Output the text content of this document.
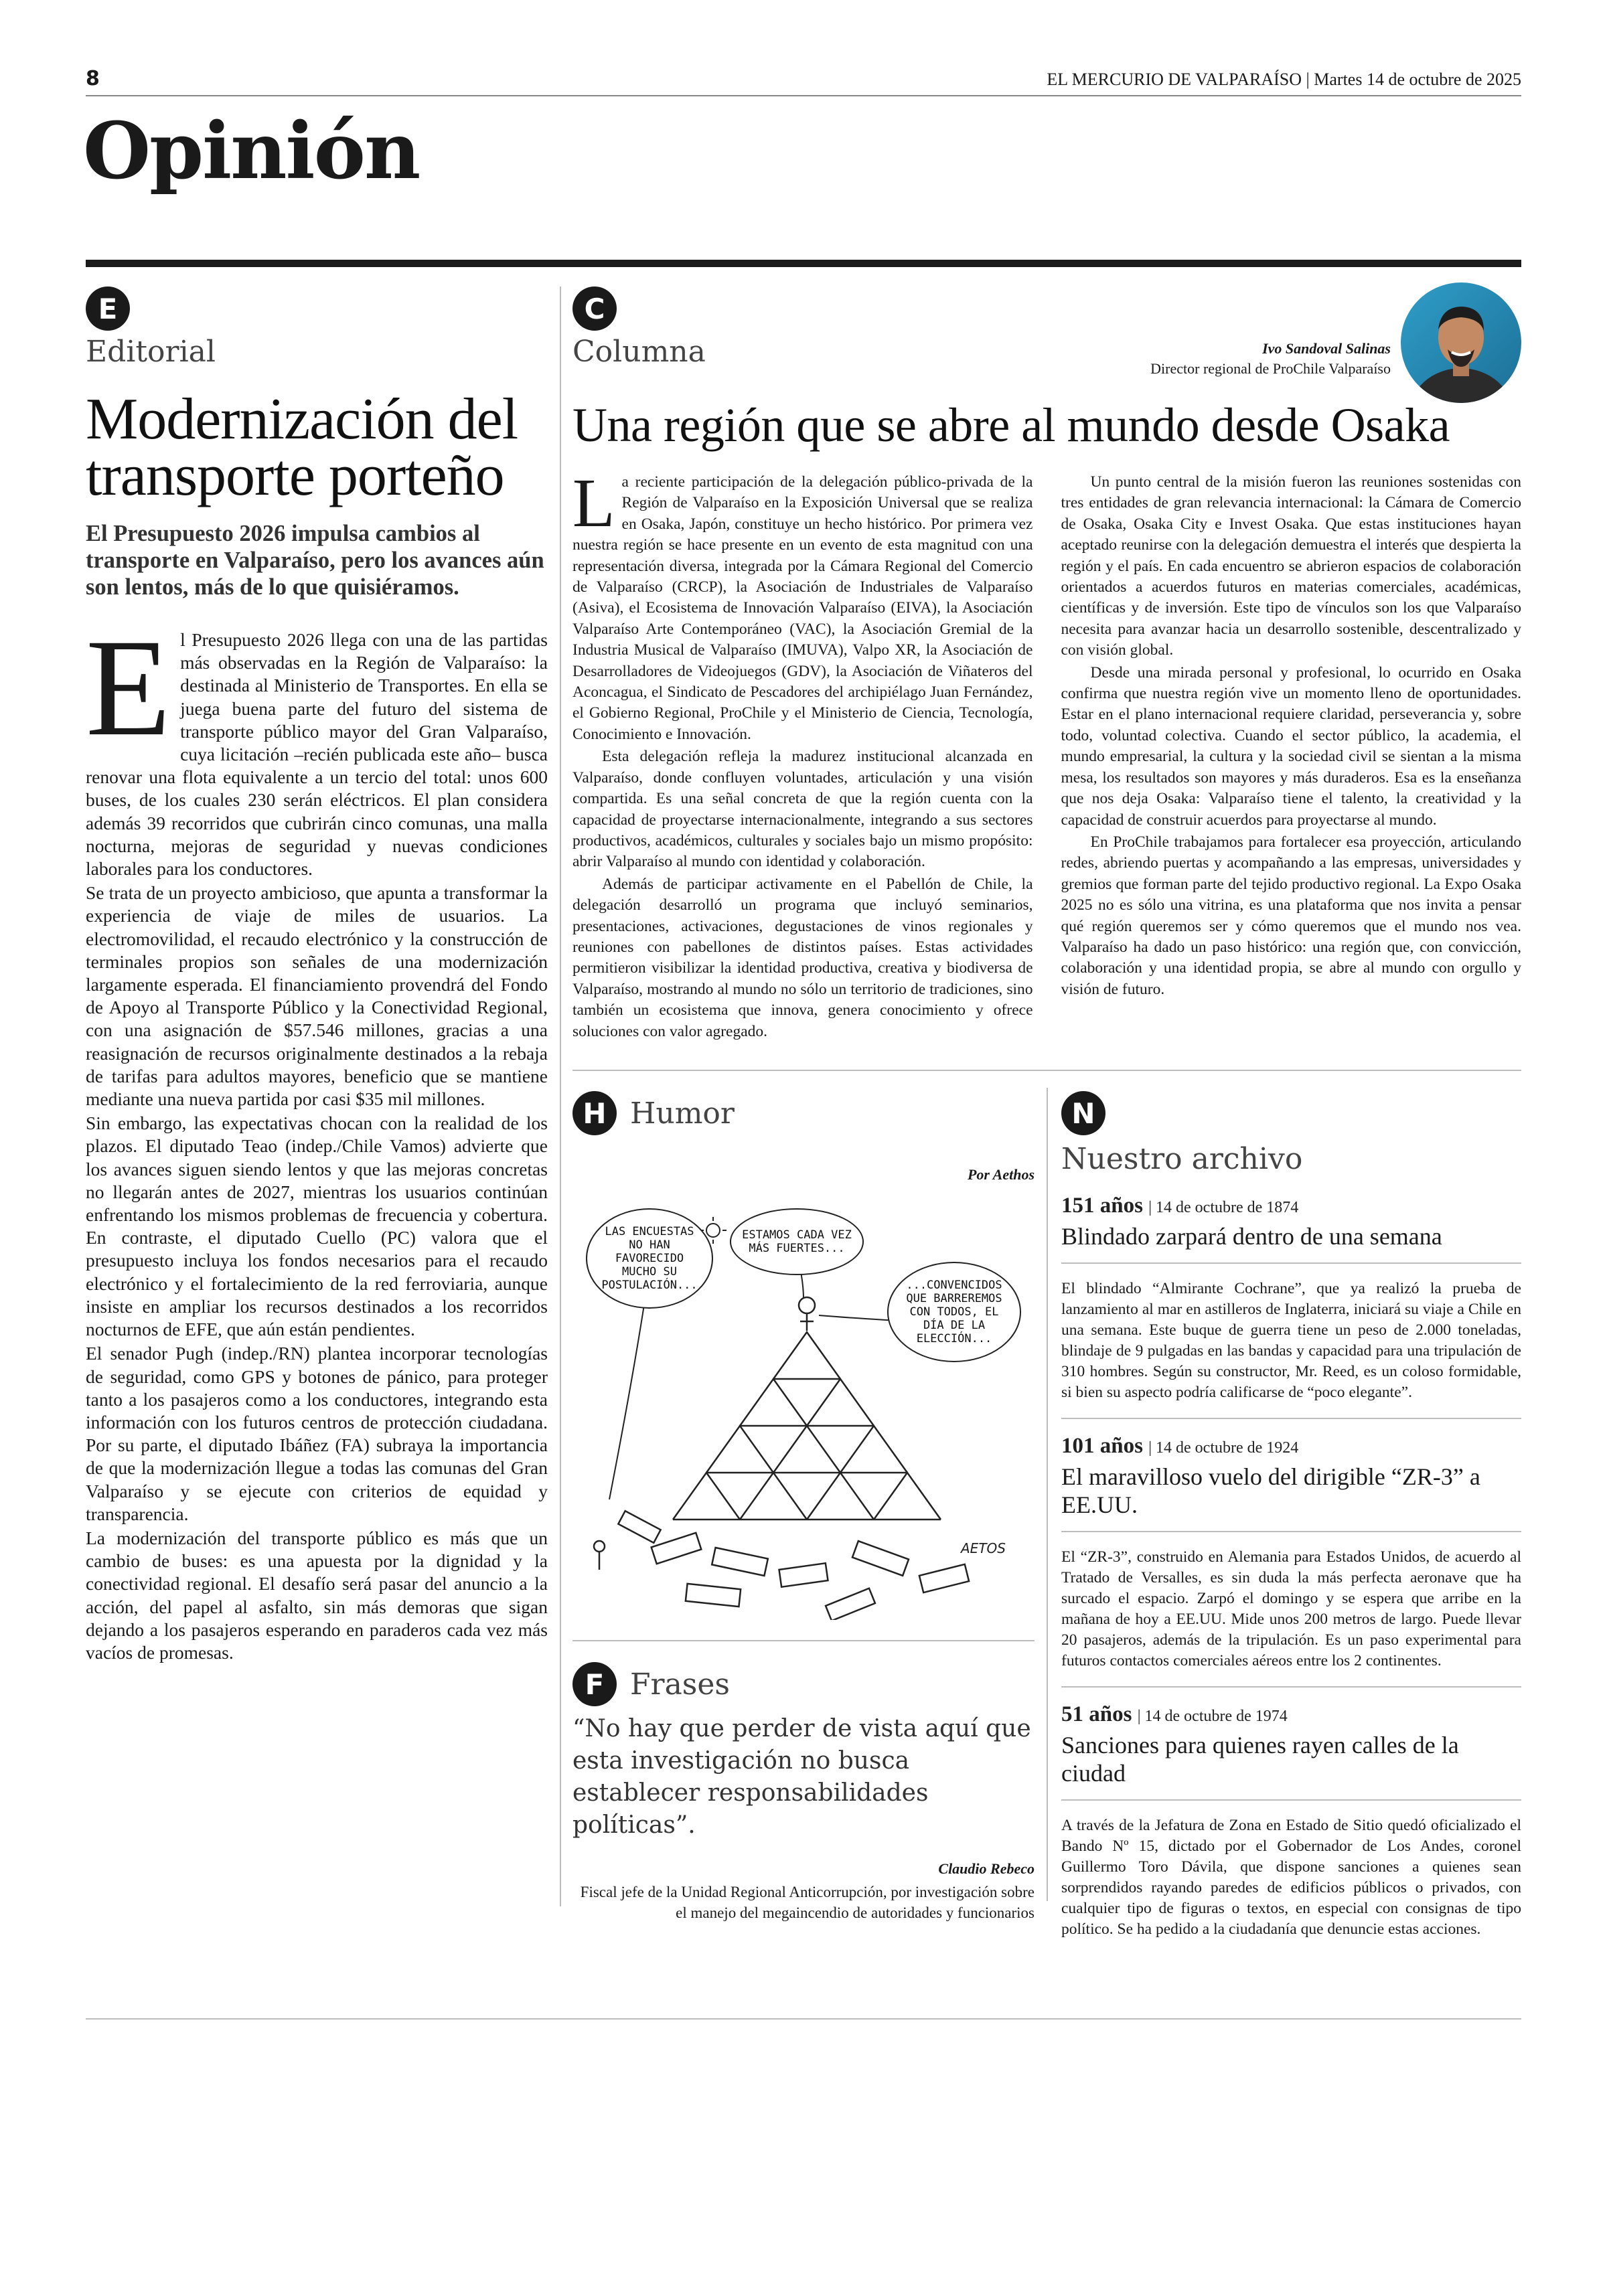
8	EL MERCURIO DE VALPARAÍSO | Martes 14 de octubre de 2025
Opinión
E
Editorial
Modernización del transporte porteño
El Presupuesto 2026 impulsa cambios al transporte en Valparaíso, pero los avances aún son lentos, más de lo que quisiéramos.

El Presupuesto 2026 llega con una de las partidas más observadas en la Región de Valparaíso: la destinada al Ministerio de Transportes. En ella se juega buena parte del futuro del sistema de transporte público mayor del Gran Valparaíso, cuya licitación –recién publicada este año– busca renovar una flota equivalente a un tercio del total: unos 600 buses, de los cuales 230 serán eléctricos. El plan considera además 39 recorridos que cubrirán cinco comunas, una malla nocturna, mejoras de seguridad y nuevas condiciones laborales para los conductores.

Se trata de un proyecto ambicioso, que apunta a transformar la experiencia de viaje de miles de usuarios. La electromovilidad, el recaudo electrónico y la construcción de terminales propios son señales de una modernización largamente esperada. El financiamiento provendrá del Fondo de Apoyo al Transporte Público y la Conectividad Regional, con una asignación de $57.546 millones, gracias a una reasignación de recursos originalmente destinados a la rebaja de tarifas para adultos mayores, beneficio que se mantiene mediante una nueva partida por casi $35 mil millones.

Sin embargo, las expectativas chocan con la realidad de los plazos. El diputado Teao (indep./Chile Vamos) advierte que los avances siguen siendo lentos y que las mejoras concretas no llegarán antes de 2027, mientras los usuarios continúan enfrentando los mismos problemas de frecuencia y cobertura. En contraste, el diputado Cuello (PC) valora que el presupuesto incluya los fondos necesarios para el recaudo electrónico y el fortalecimiento de la red ferroviaria, aunque insiste en ampliar los recursos destinados a los recorridos nocturnos de EFE, que aún están pendientes.

El senador Pugh (indep./RN) plantea incorporar tecnologías de seguridad, como GPS y botones de pánico, para proteger tanto a los pasajeros como a los conductores, integrando esta información con los futuros centros de protección ciudadana. Por su parte, el diputado Ibáñez (FA) subraya la importancia de que la modernización llegue a todas las comunas del Gran Valparaíso y se ejecute con criterios de equidad y transparencia.

La modernización del transporte público es más que un cambio de buses: es una apuesta por la dignidad y la conectividad regional. El desafío será pasar del anuncio a la acción, del papel al asfalto, sin más demoras que sigan dejando a los pasajeros esperando en paraderos cada vez más vacíos de promesas.

C
Columna	Ivo Sandoval Salinas
Director regional de ProChile Valparaíso
Una región que se abre al mundo desde Osaka

La reciente participación de la delegación público-privada de la Región de Valparaíso en la Exposición Universal que se realiza en Osaka, Japón, constituye un hecho histórico. Por primera vez nuestra región se hace presente en un evento de esta magnitud con una representación diversa, integrada por la Cámara Regional del Comercio de Valparaíso (CRCP), la Asociación de Industriales de Valparaíso (Asiva), el Ecosistema de Innovación Valparaíso (EIVA), la Asociación Valparaíso Arte Contemporáneo (VAC), la Asociación Gremial de la Industria Musical de Valparaíso (IMUVA), Valpo XR, la Asociación de Desarrolladores de Videojuegos (GDV), la Asociación de Viñateros del Aconcagua, el Sindicato de Pescadores del archipiélago Juan Fernández, el Gobierno Regional, ProChile y el Ministerio de Ciencia, Tecnología, Conocimiento e Innovación.

Esta delegación refleja la madurez institucional alcanzada en Valparaíso, donde confluyen voluntades, articulación y una visión compartida. Es una señal concreta de que la región cuenta con la capacidad de proyectarse internacionalmente, integrando a sus sectores productivos, académicos, culturales y sociales bajo un mismo propósito: abrir Valparaíso al mundo con identidad y colaboración.

Además de participar activamente en el Pabellón de Chile, la delegación desarrolló un programa que incluyó seminarios, presentaciones, activaciones, degustaciones de vinos regionales y reuniones con pabellones de distintos países. Estas actividades permitieron visibilizar la identidad productiva, creativa y biodiversa de Valparaíso, mostrando al mundo no sólo un territorio de tradiciones, sino también un ecosistema que innova, genera conocimiento y ofrece soluciones con valor agregado.

Un punto central de la misión fueron las reuniones sostenidas con tres entidades de gran relevancia internacional: la Cámara de Comercio de Osaka, Osaka City e Invest Osaka. Que estas instituciones hayan aceptado reunirse con la delegación demuestra el interés que despierta la región y el país. En cada encuentro se abrieron espacios de colaboración orientados a acuerdos futuros en materias comerciales, académicas, científicas y de inversión. Este tipo de vínculos son los que Valparaíso necesita para avanzar hacia un desarrollo sostenible, descentralizado y con visión global.

Desde una mirada personal y profesional, lo ocurrido en Osaka confirma que nuestra región vive un momento lleno de oportunidades. Estar en el plano internacional requiere claridad, perseverancia y, sobre todo, voluntad colectiva. Cuando el sector público, la academia, el mundo empresarial, la cultura y la sociedad civil se sientan a la misma mesa, los resultados son mayores y más duraderos. Esa es la enseñanza que nos deja Osaka: Valparaíso tiene el talento, la creatividad y la capacidad de construir acuerdos para proyectarse al mundo.

En ProChile trabajamos para fortalecer esa proyección, articulando redes, abriendo puertas y acompañando a las empresas, universidades y gremios que forman parte del tejido productivo regional. La Expo Osaka 2025 no es sólo una vitrina, es una plataforma que nos invita a pensar qué región queremos ser y cómo queremos que el mundo nos vea. Valparaíso ha dado un paso histórico: una región que, con convicción, colaboración y una identidad propia, se abre al mundo con orgullo y visión de futuro.

H Humor
Por Aethos
AETOS
LAS ENCUESTAS NO HAN FAVORECIDO MUCHO SU POSTULACIÓN...
ESTAMOS CADA VEZ MÁS FUERTES...
...CONVENCIDOS QUE BARREREMOS CON TODOS, EL DÍA DE LA ELECCIÓN...
F Frases
“No hay que perder de vista aquí que esta investigación no busca establecer responsabilidades políticas”.
Claudio Rebeco
Fiscal jefe de la Unidad Regional Anticorrupción, por investigación sobre el manejo del megaincendio de autoridades y funcionarios
N
Nuestro archivo
151 años | 14 de octubre de 1874
Blindado zarpará dentro de una semana

El blindado “Almirante Cochrane”, que ya realizó la prueba de lanzamiento al mar en astilleros de Inglaterra, iniciará su viaje a Chile en una semana. Este buque de guerra tiene un peso de 2.000 toneladas, blindaje de 9 pulgadas en las bandas y capacidad para una tripulación de 310 hombres. Según su constructor, Mr. Reed, es un coloso formidable, si bien su aspecto podría calificarse de “poco elegante”.

101 años | 14 de octubre de 1924
El maravilloso vuelo del dirigible “ZR-3” a EE.UU.

El “ZR-3”, construido en Alemania para Estados Unidos, de acuerdo al Tratado de Versalles, es sin duda la más perfecta aeronave que ha surcado el espacio. Zarpó el domingo y se espera que arribe en la mañana de hoy a EE.UU. Mide unos 200 metros de largo. Puede llevar 20 pasajeros, además de la tripulación. Es un paso experimental para futuros contactos comerciales aéreos entre los 2 continentes.

51 años | 14 de octubre de 1974
Sanciones para quienes rayen calles de la ciudad

A través de la Jefatura de Zona en Estado de Sitio quedó oficializado el Bando Nº 15, dictado por el Gobernador de Los Andes, coronel Guillermo Toro Dávila, que dispone sanciones a quienes sean sorprendidos rayando paredes de edificios públicos o privados, con cualquier tipo de figuras o textos, en especial con consignas de tipo político. Se ha pedido a la ciudadanía que denuncie estas acciones.
